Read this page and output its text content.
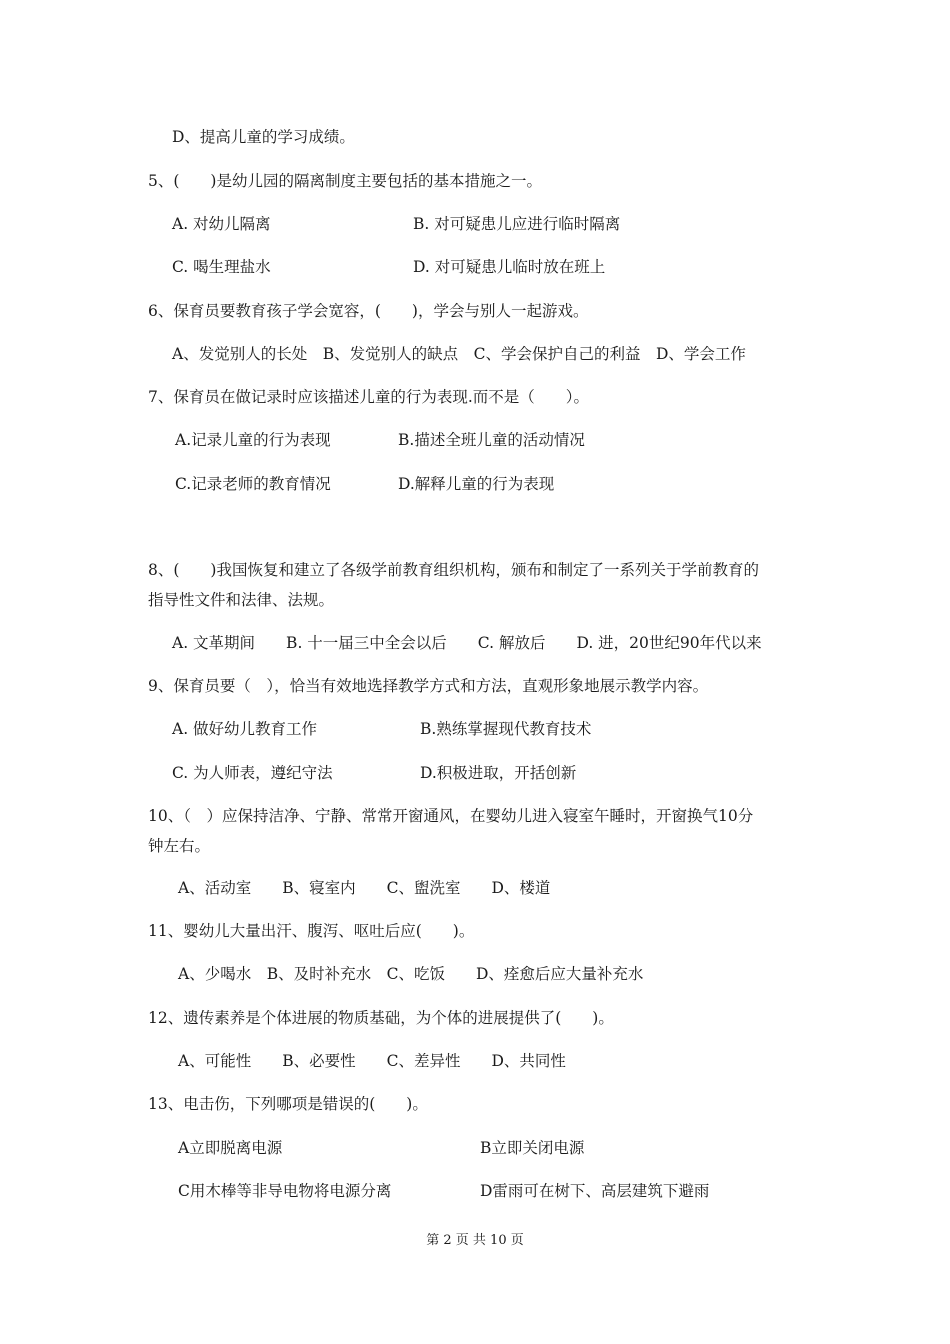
D、提高儿童的学习成绩。
5、(　　)是幼儿园的隔离制度主要包括的基本措施之一。
A. 对幼儿隔离	B. 对可疑患儿应进行临时隔离
C. 喝生理盐水	D. 对可疑患儿临时放在班上
6、保育员要教育孩子学会宽容，(　　)，学会与别人一起游戏。
A、发觉别人的长处　B、发觉别人的缺点　C、学会保护自己的利益　D、学会工作
7、保育员在做记录时应该描述儿童的行为表现.而不是（　　）。
A.记录儿童的行为表现	B.描述全班儿童的活动情况
C.记录老师的教育情况	D.解释儿童的行为表现
8、(　　)我国恢复和建立了各级学前教育组织机构，颁布和制定了一系列关于学前教育的
指导性文件和法律、法规。
A. 文革期间　　B. 十一届三中全会以后　　C. 解放后　　D. 进，20世纪90年代以来
9、保育员要（　），恰当有效地选择教学方式和方法，直观形象地展示教学内容。
A. 做好幼儿教育工作	B.熟练掌握现代教育技术
C. 为人师表，遵纪守法	D.积极进取，开括创新
10、（　）应保持洁净、宁静、常常开窗通风，在婴幼儿进入寝室午睡时，开窗换气10分
钟左右。
A、活动室　　B、寝室内　　C、盥洗室　　D、楼道
11、婴幼儿大量出汗、腹泻、呕吐后应(　　)。
A、少喝水　B、及时补充水　C、吃饭　　D、痊愈后应大量补充水
12、遗传素养是个体进展的物质基础，为个体的进展提供了(　　)。
A、可能性　　B、必要性　　C、差异性　　D、共同性
13、电击伤，下列哪项是错误的(　　)。
A立即脱离电源	B立即关闭电源
C用木棒等非导电物将电源分离	D雷雨可在树下、高层建筑下避雨
第 2 页 共 10 页
